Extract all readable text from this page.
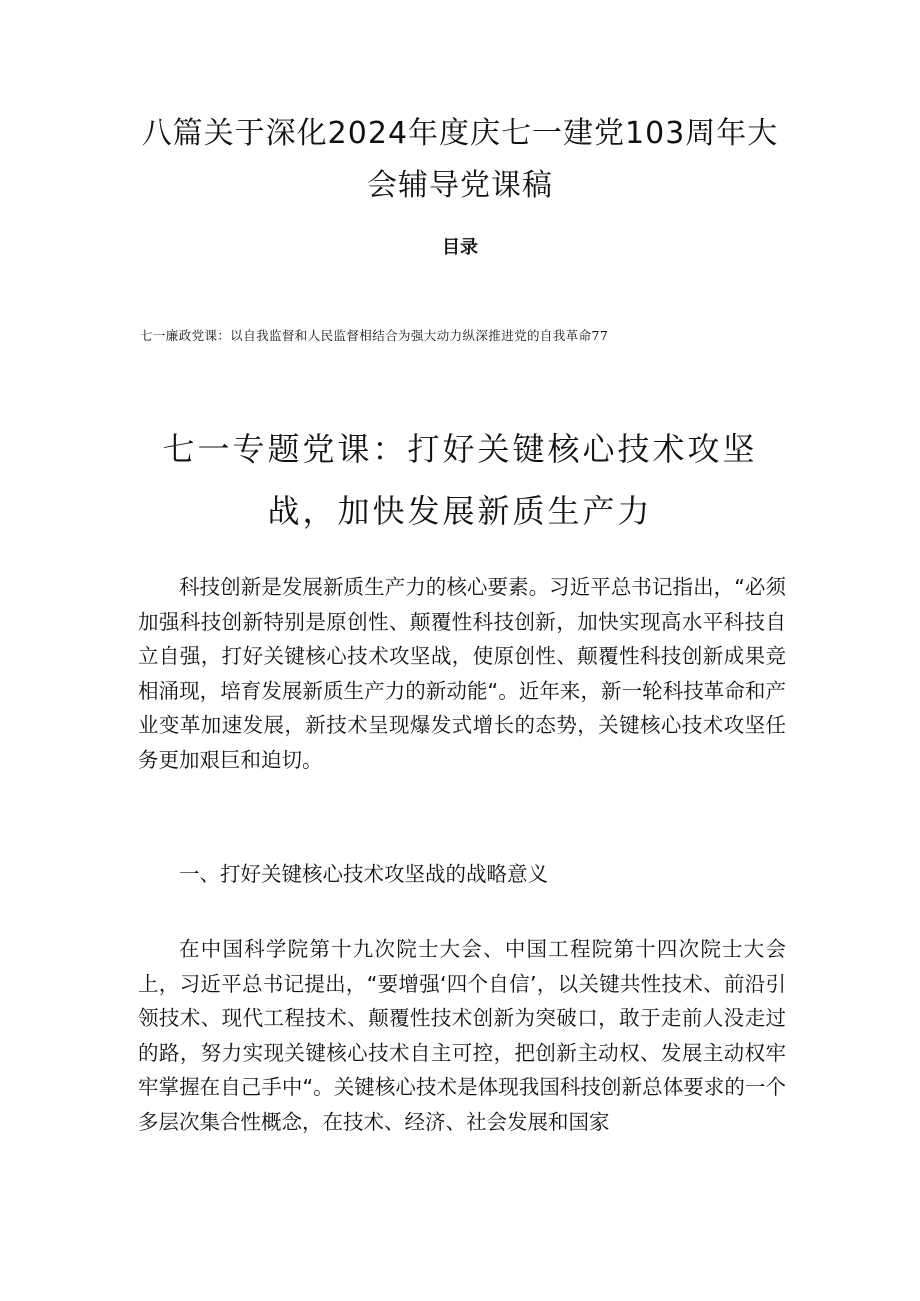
八篇关于深化2024年度庆七一建党103周年大会辅导党课稿
目录

七一廉政党课：以自我监督和人民监督相结合为强大动力纵深推进党的自我革命77

七一专题党课：打好关键核心技术攻坚战，加快发展新质生产力

科技创新是发展新质生产力的核心要素。习近平总书记指出，“必须加强科技创新特别是原创性、颠覆性科技创新，加快实现高水平科技自立自强，打好关键核心技术攻坚战，使原创性、颠覆性科技创新成果竞相涌现，培育发展新质生产力的新动能“。近年来，新一轮科技革命和产业变革加速发展，新技术呈现爆发式增长的态势，关键核心技术攻坚任务更加艰巨和迫切。

一、打好关键核心技术攻坚战的战略意义

在中国科学院第十九次院士大会、中国工程院第十四次院士大会上，习近平总书记提出，“要增强‘四个自信’，以关键共性技术、前沿引领技术、现代工程技术、颠覆性技术创新为突破口，敢于走前人没走过的路，努力实现关键核心技术自主可控，把创新主动权、发展主动权牢牢掌握在自己手中“。关键核心技术是体现我国科技创新总体要求的一个多层次集合性概念，在技术、经济、社会发展和国家
